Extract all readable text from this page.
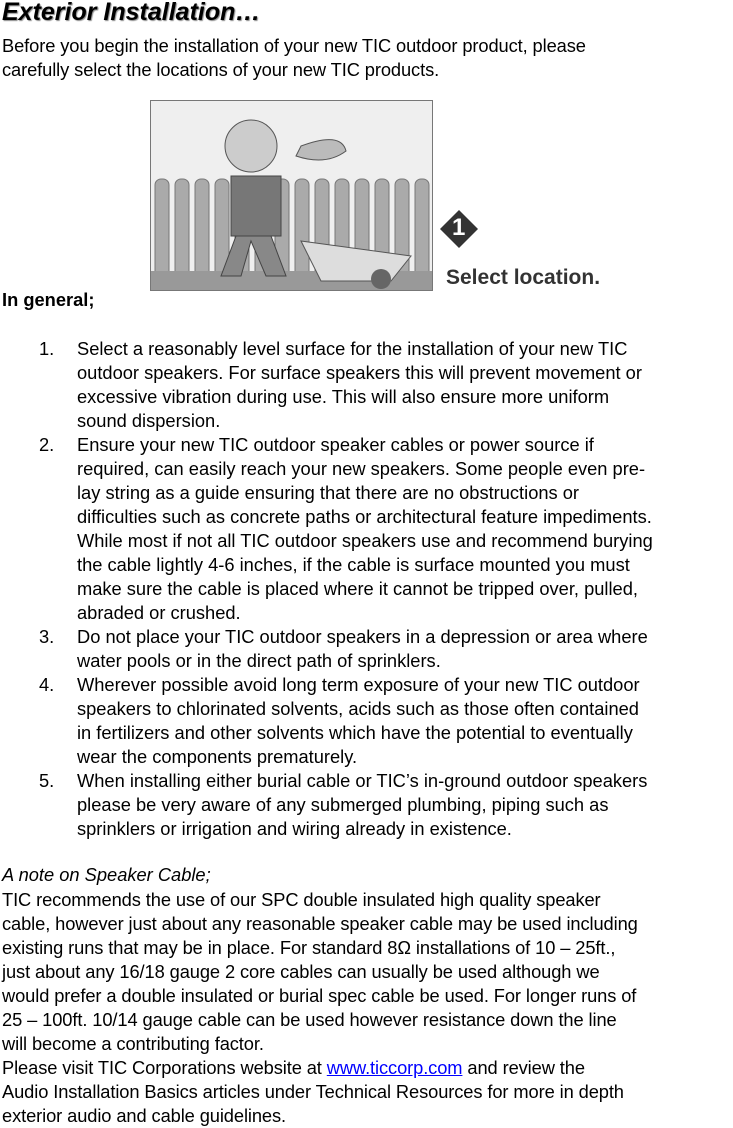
Exterior Installation…

Before you begin the installation of your new TIC outdoor product, please
carefully select the locations of your new TIC products.

1
Select location.
In general;
1. Select a reasonably level surface for the installation of your new TIC
outdoor speakers. For surface speakers this will prevent movement or
excessive vibration during use. This will also ensure more uniform
sound dispersion.
2. Ensure your new TIC outdoor speaker cables or power source if
required, can easily reach your new speakers. Some people even pre-
lay string as a guide ensuring that there are no obstructions or
difficulties such as concrete paths or architectural feature impediments.
While most if not all TIC outdoor speakers use and recommend burying
the cable lightly 4-6 inches, if the cable is surface mounted you must
make sure the cable is placed where it cannot be tripped over, pulled,
abraded or crushed.
3. Do not place your TIC outdoor speakers in a depression or area where
water pools or in the direct path of sprinklers.
4. Wherever possible avoid long term exposure of your new TIC outdoor
speakers to chlorinated solvents, acids such as those often contained
in fertilizers and other solvents which have the potential to eventually
wear the components prematurely.
5. When installing either burial cable or TIC’s in-ground outdoor speakers
please be very aware of any submerged plumbing, piping such as
sprinklers or irrigation and wiring already in existence.
A note on Speaker Cable;

TIC recommends the use of our SPC double insulated high quality speaker
cable, however just about any reasonable speaker cable may be used including
existing runs that may be in place. For standard 8Ω installations of 10 – 25ft.,
just about any 16/18 gauge 2 core cables can usually be used although we
would prefer a double insulated or burial spec cable be used. For longer runs of
25 – 100ft. 10/14 gauge cable can be used however resistance down the line
will become a contributing factor.

Please visit TIC Corporations website at www.ticcorp.com and review the
Audio Installation Basics articles under Technical Resources for more in depth
exterior audio and cable guidelines.
